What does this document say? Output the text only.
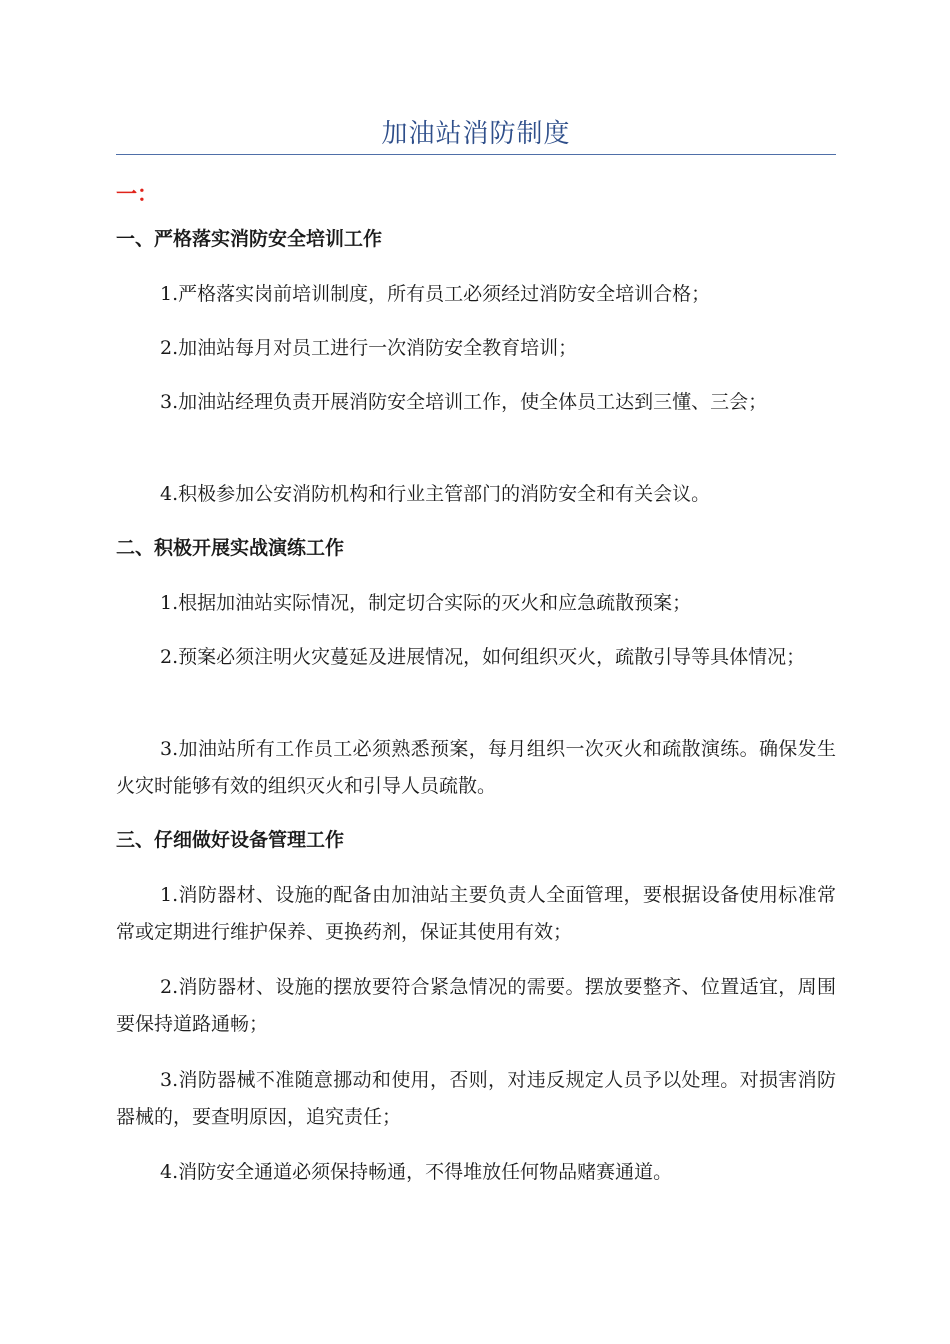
加油站消防制度
一：
一、严格落实消防安全培训工作
1.严格落实岗前培训制度，所有员工必须经过消防安全培训合格；
2.加油站每月对员工进行一次消防安全教育培训；
3.加油站经理负责开展消防安全培训工作，使全体员工达到三懂、三会；
4.积极参加公安消防机构和行业主管部门的消防安全和有关会议。
二、积极开展实战演练工作
1.根据加油站实际情况，制定切合实际的灭火和应急疏散预案；
2.预案必须注明火灾蔓延及进展情况，如何组织灭火，疏散引导等具体情况；
3.加油站所有工作员工必须熟悉预案，每月组织一次灭火和疏散演练。确保发生火灾时能够有效的组织灭火和引导人员疏散。
三、仔细做好设备管理工作
1.消防器材、设施的配备由加油站主要负责人全面管理，要根据设备使用标准常常或定期进行维护保养、更换药剂，保证其使用有效；
2.消防器材、设施的摆放要符合紧急情况的需要。摆放要整齐、位置适宜，周围要保持道路通畅；
3.消防器械不准随意挪动和使用，否则，对违反规定人员予以处理。对损害消防器械的，要查明原因，追究责任；
4.消防安全通道必须保持畅通，不得堆放任何物品赌赛通道。
